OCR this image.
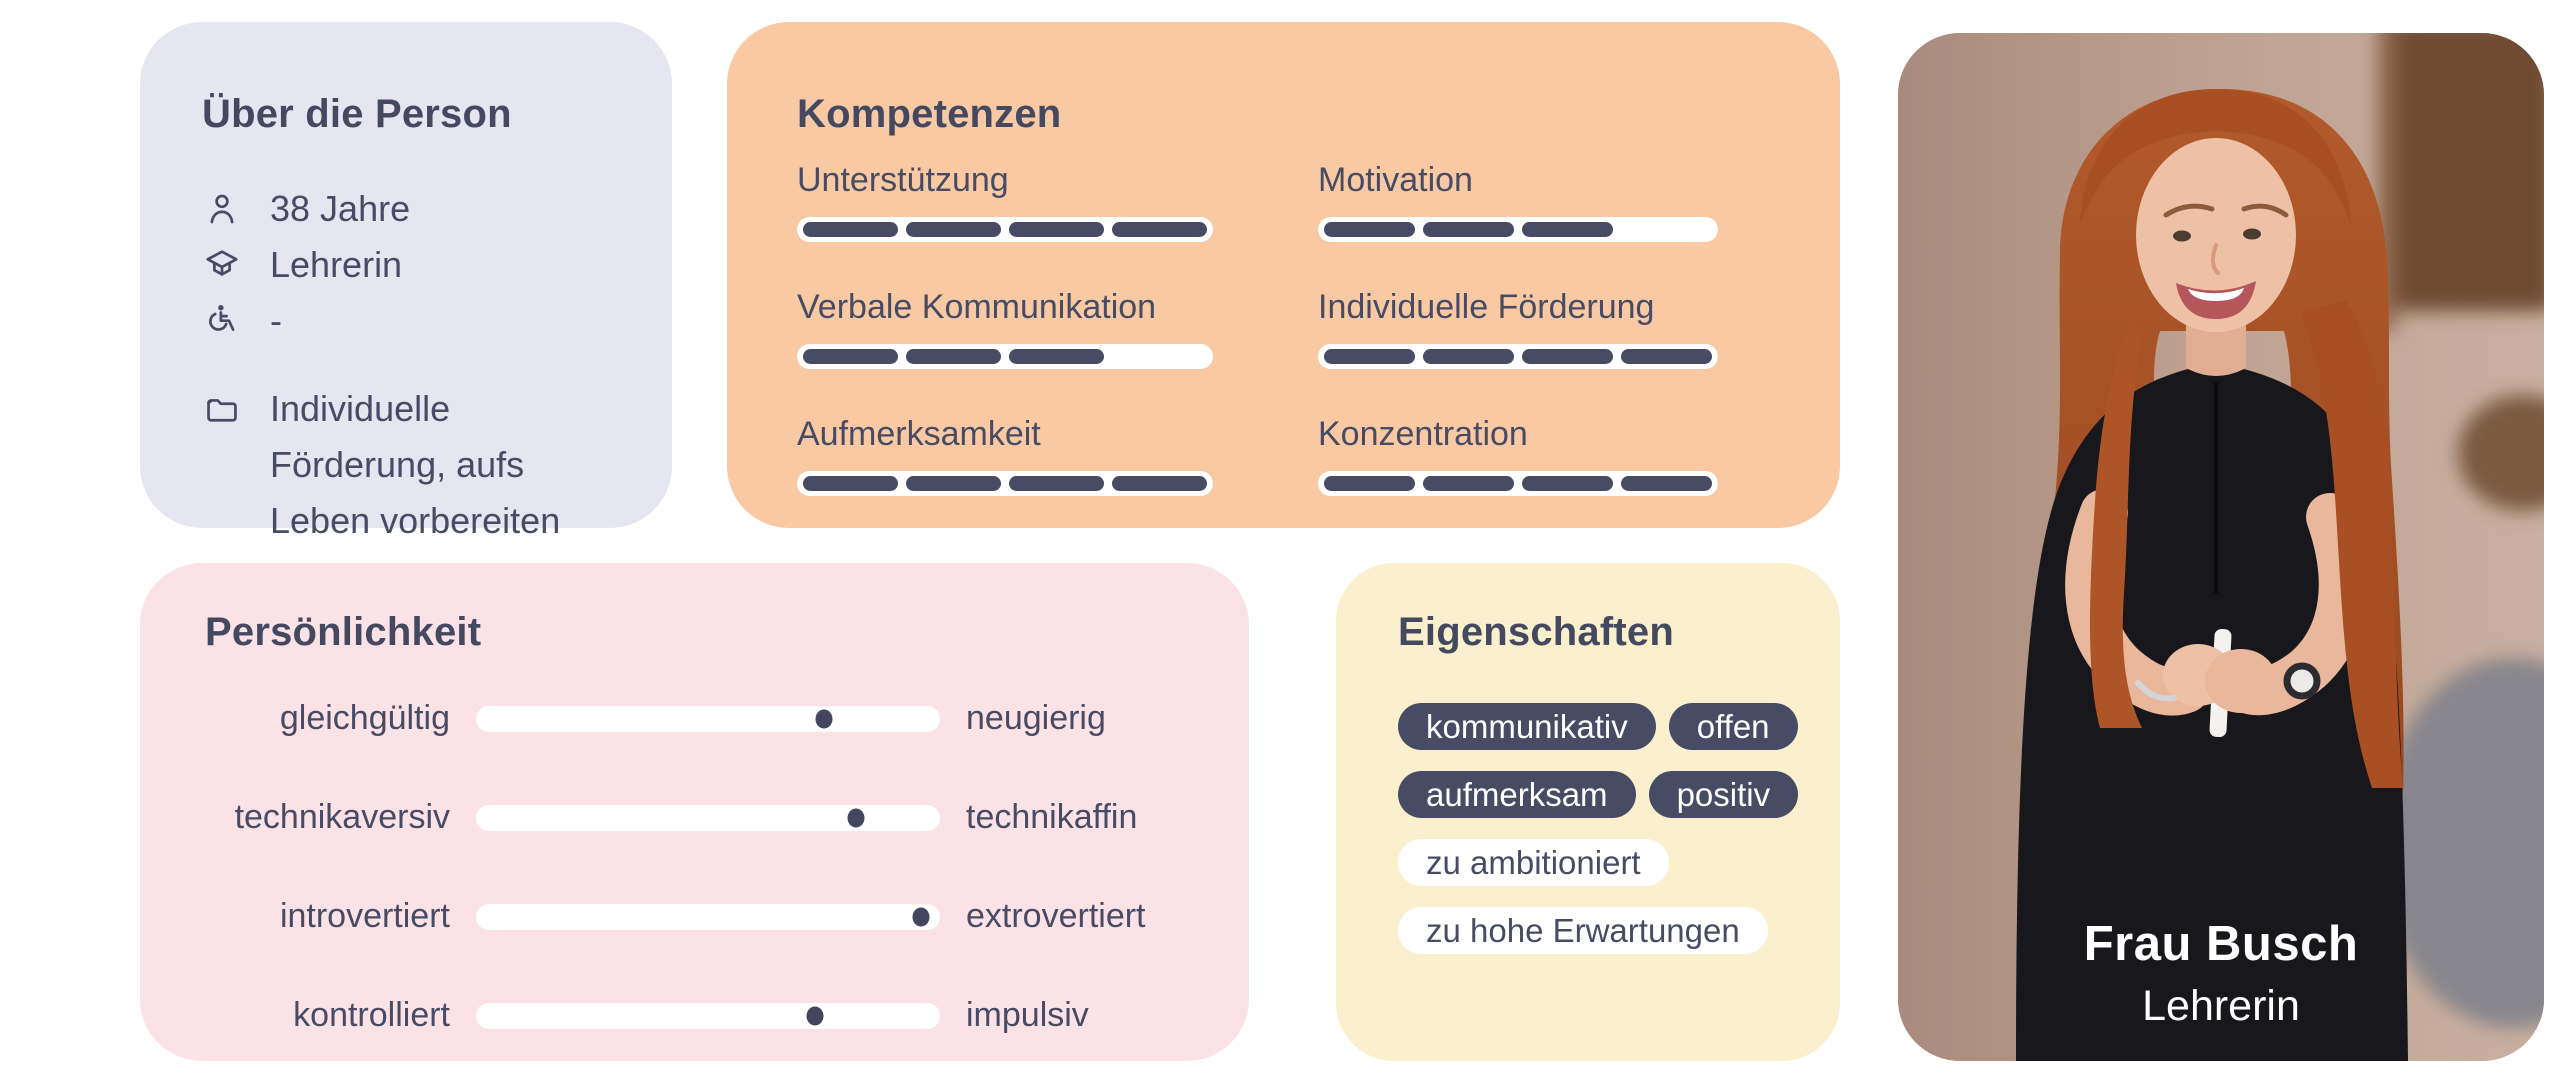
Über die Person
38 Jahre
Lehrerin
-
Individuelle Förderung, aufs Leben vorbereiten
Kompetenzen
Unterstützung	Motivation
Verbale Kommunikation	Individuelle Förderung
Aufmerksamkeit	Konzentration
Persönlichkeit
gleichgültig	neugierig
technikaversiv	technikaffin
introvertiert	extrovertiert
kontrolliert	impulsiv
Eigenschaften
kommunikativ	offen
aufmerksam	positiv
zu ambitioniert
zu hohe Erwartungen	Frau Busch
Lehrerin
